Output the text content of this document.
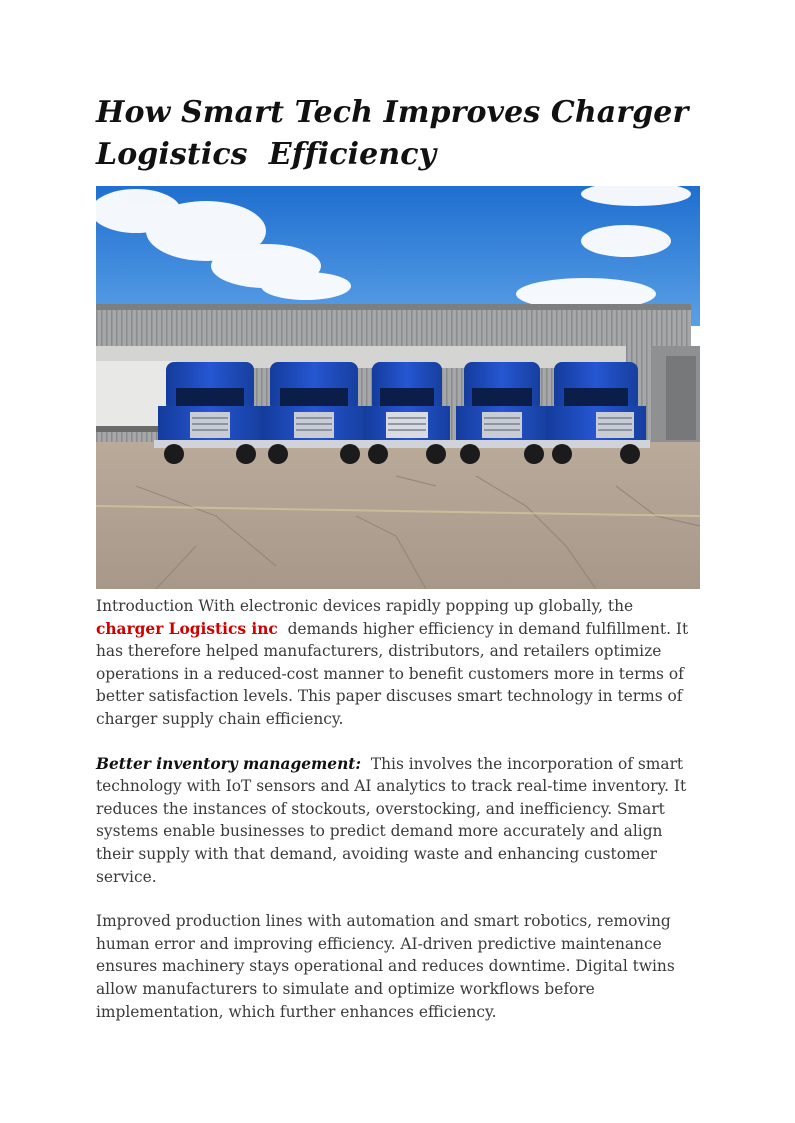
How Smart Tech Improves Charger
Logistics  Efficiency

Introduction With electronic devices rapidly popping up globally, the charger Logistics inc  demands higher efficiency in demand fulfillment. It has therefore helped manufacturers, distributors, and retailers optimize operations in a reduced-cost manner to benefit customers more in terms of better satisfaction levels. This paper discuses smart technology in terms of charger supply chain efficiency.

Better inventory management:  This involves the incorporation of smart technology with IoT sensors and AI analytics to track real-time inventory. It reduces the instances of stockouts, overstocking, and inefficiency. Smart systems enable businesses to predict demand more accurately and align their supply with that demand, avoiding waste and enhancing customer service.

Improved production lines with automation and smart robotics, removing human error and improving efficiency. AI-driven predictive maintenance ensures machinery stays operational and reduces downtime. Digital twins allow manufacturers to simulate and optimize workflows before implementation, which further enhances efficiency.
